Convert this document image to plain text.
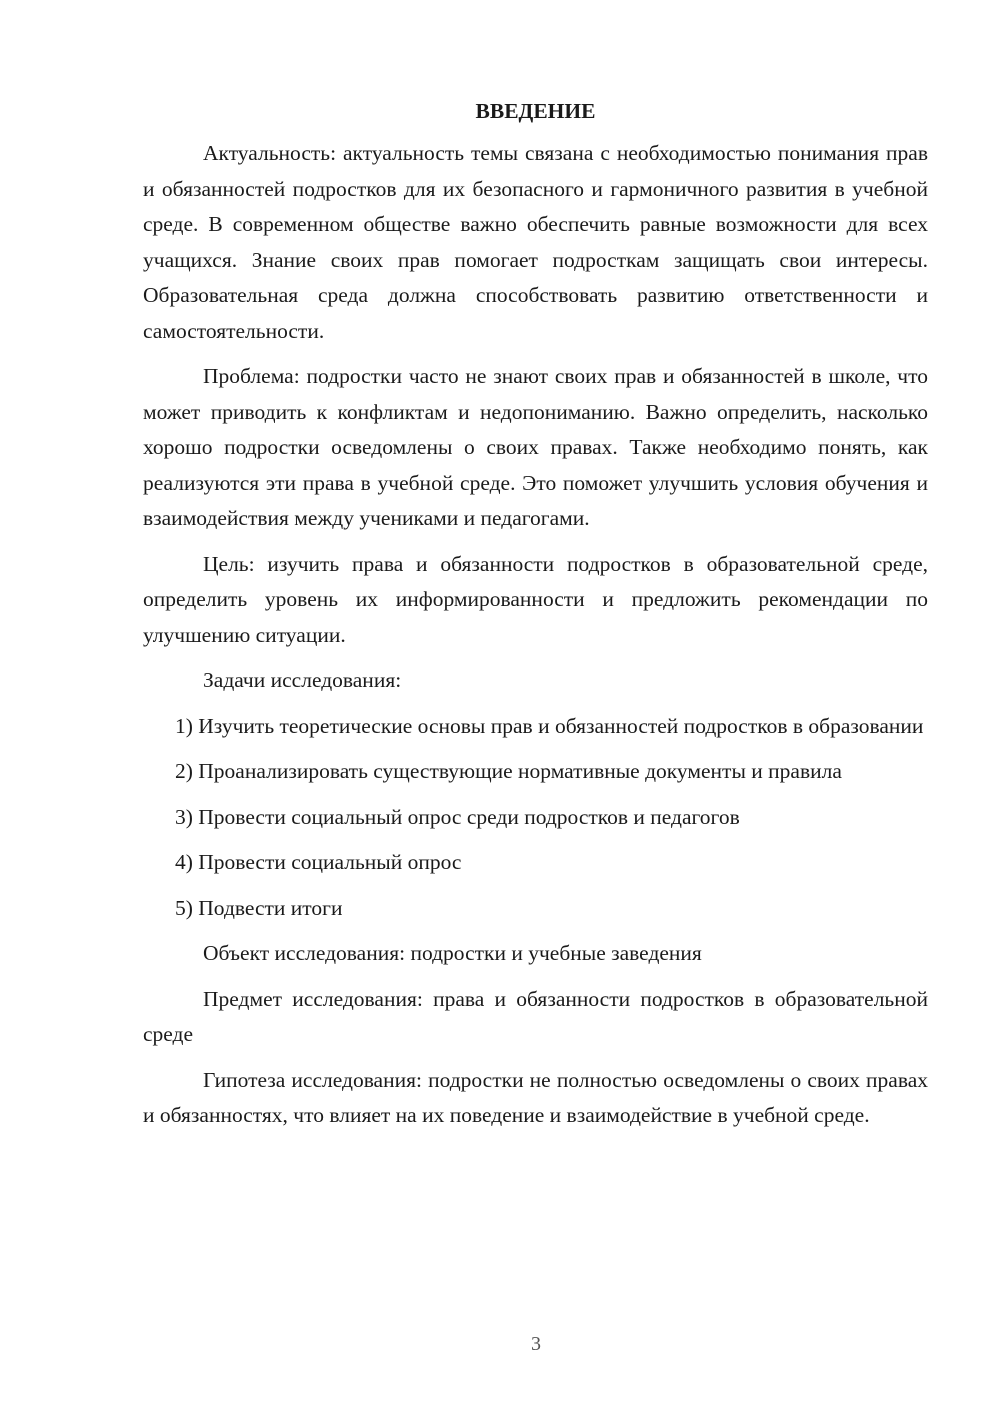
ВВЕДЕНИЕ

Актуальность: актуальность темы связана с необходимостью понимания прав и обязанностей подростков для их безопасного и гармоничного развития в учебной среде. В современном обществе важно обеспечить равные возможности для всех учащихся. Знание своих прав помогает подросткам защищать свои интересы. Образовательная среда должна способствовать развитию ответственности и самостоятельности.

Проблема: подростки часто не знают своих прав и обязанностей в школе, что может приводить к конфликтам и недопониманию. Важно определить, насколько хорошо подростки осведомлены о своих правах. Также необходимо понять, как реализуются эти права в учебной среде. Это поможет улучшить условия обучения и взаимодействия между учениками и педагогами.

Цель: изучить права и обязанности подростков в образовательной среде, определить уровень их информированности и предложить рекомендации по улучшению ситуации.

Задачи исследования:

1) Изучить теоретические основы прав и обязанностей подростков в образовании
2) Проанализировать существующие нормативные документы и правила
3) Провести социальный опрос среди подростков и педагогов
4) Провести социальный опрос
5) Подвести итоги

Объект исследования: подростки и учебные заведения

Предмет исследования: права и обязанности подростков в образовательной среде

Гипотеза исследования: подростки не полностью осведомлены о своих правах и обязанностях, что влияет на их поведение и взаимодействие в учебной среде.

3
